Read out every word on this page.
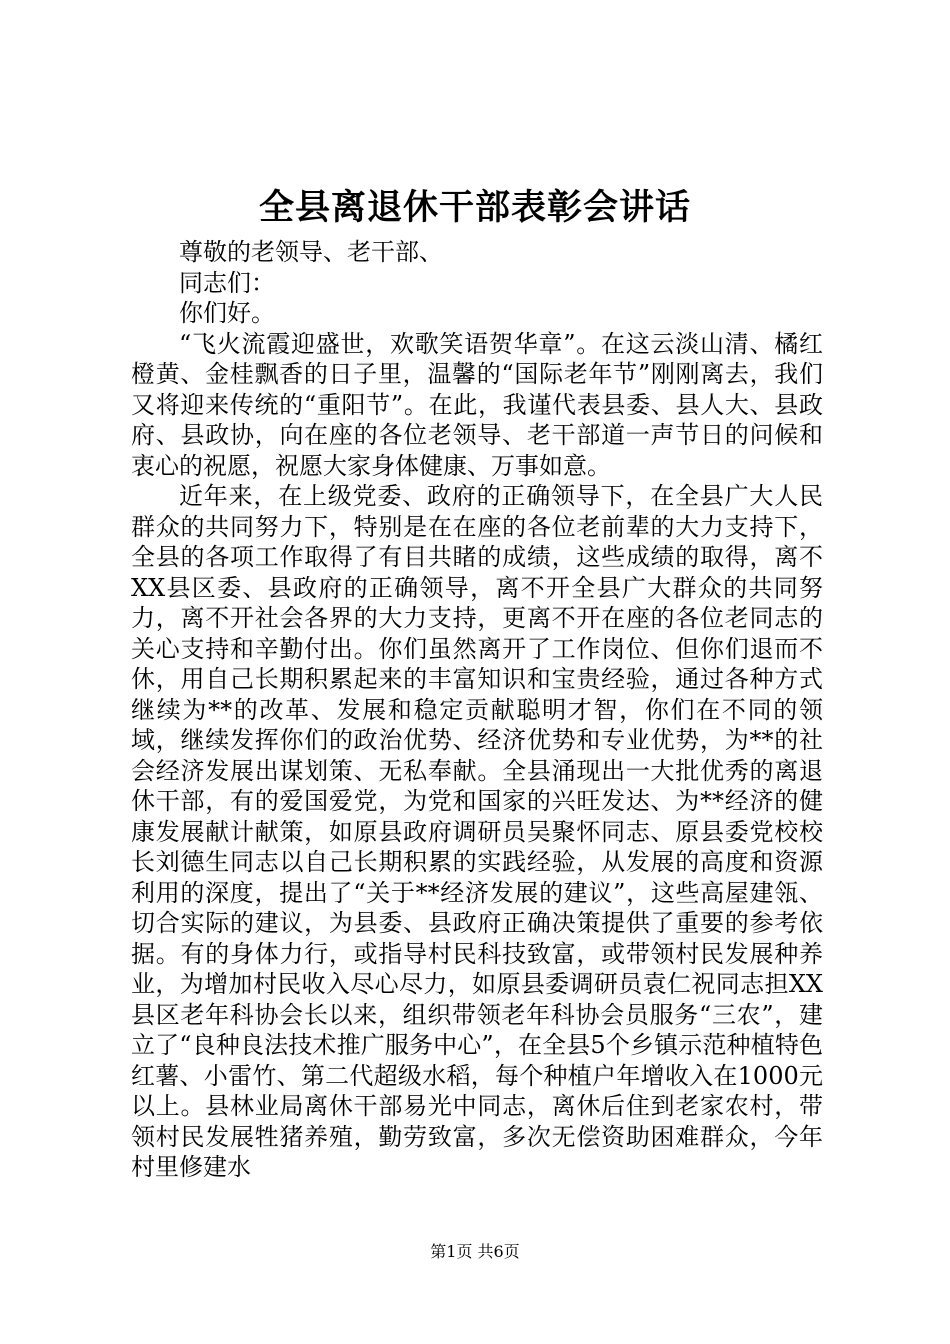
全县离退休干部表彰会讲话

尊敬的老领导、老干部、

同志们：

你们好。

“飞火流霞迎盛世，欢歌笑语贺华章”。在这云淡山清、橘红橙黄、金桂飘香的日子里，温馨的“国际老年节”刚刚离去，我们又将迎来传统的“重阳节”。在此，我谨代表县委、县人大、县政府、县政协，向在座的各位老领导、老干部道一声节日的问候和衷心的祝愿，祝愿大家身体健康、万事如意。

近年来，在上级党委、政府的正确领导下，在全县广大人民群众的共同努力下，特别是在在座的各位老前辈的大力支持下，全县的各项工作取得了有目共睹的成绩，这些成绩的取得，离不XX县区委、县政府的正确领导，离不开全县广大群众的共同努力，离不开社会各界的大力支持，更离不开在座的各位老同志的关心支持和辛勤付出。你们虽然离开了工作岗位、但你们退而不休，用自己长期积累起来的丰富知识和宝贵经验，通过各种方式继续为**的改革、发展和稳定贡献聪明才智，你们在不同的领域，继续发挥你们的政治优势、经济优势和专业优势，为**的社会经济发展出谋划策、无私奉献。全县涌现出一大批优秀的离退休干部，有的爱国爱党，为党和国家的兴旺发达、为**经济的健康发展献计献策，如原县政府调研员吴聚怀同志、原县委党校校长刘德生同志以自己长期积累的实践经验，从发展的高度和资源利用的深度，提出了“关于**经济发展的建议”，这些高屋建瓴、切合实际的建议，为县委、县政府正确决策提供了重要的参考依据。有的身体力行，或指导村民科技致富，或带领村民发展种养业，为增加村民收入尽心尽力，如原县委调研员袁仁祝同志担XX县区老年科协会长以来，组织带领老年科协会员服务“三农”，建立了“良种良法技术推广服务中心”，在全县5个乡镇示范种植特色红薯、小雷竹、第二代超级水稻，每个种植户年增收入在1000元以上。县林业局离休干部易光中同志，离休后住到老家农村，带领村民发展牲猪养殖，勤劳致富，多次无偿资助困难群众，今年村里修建水

第1页 共6页
